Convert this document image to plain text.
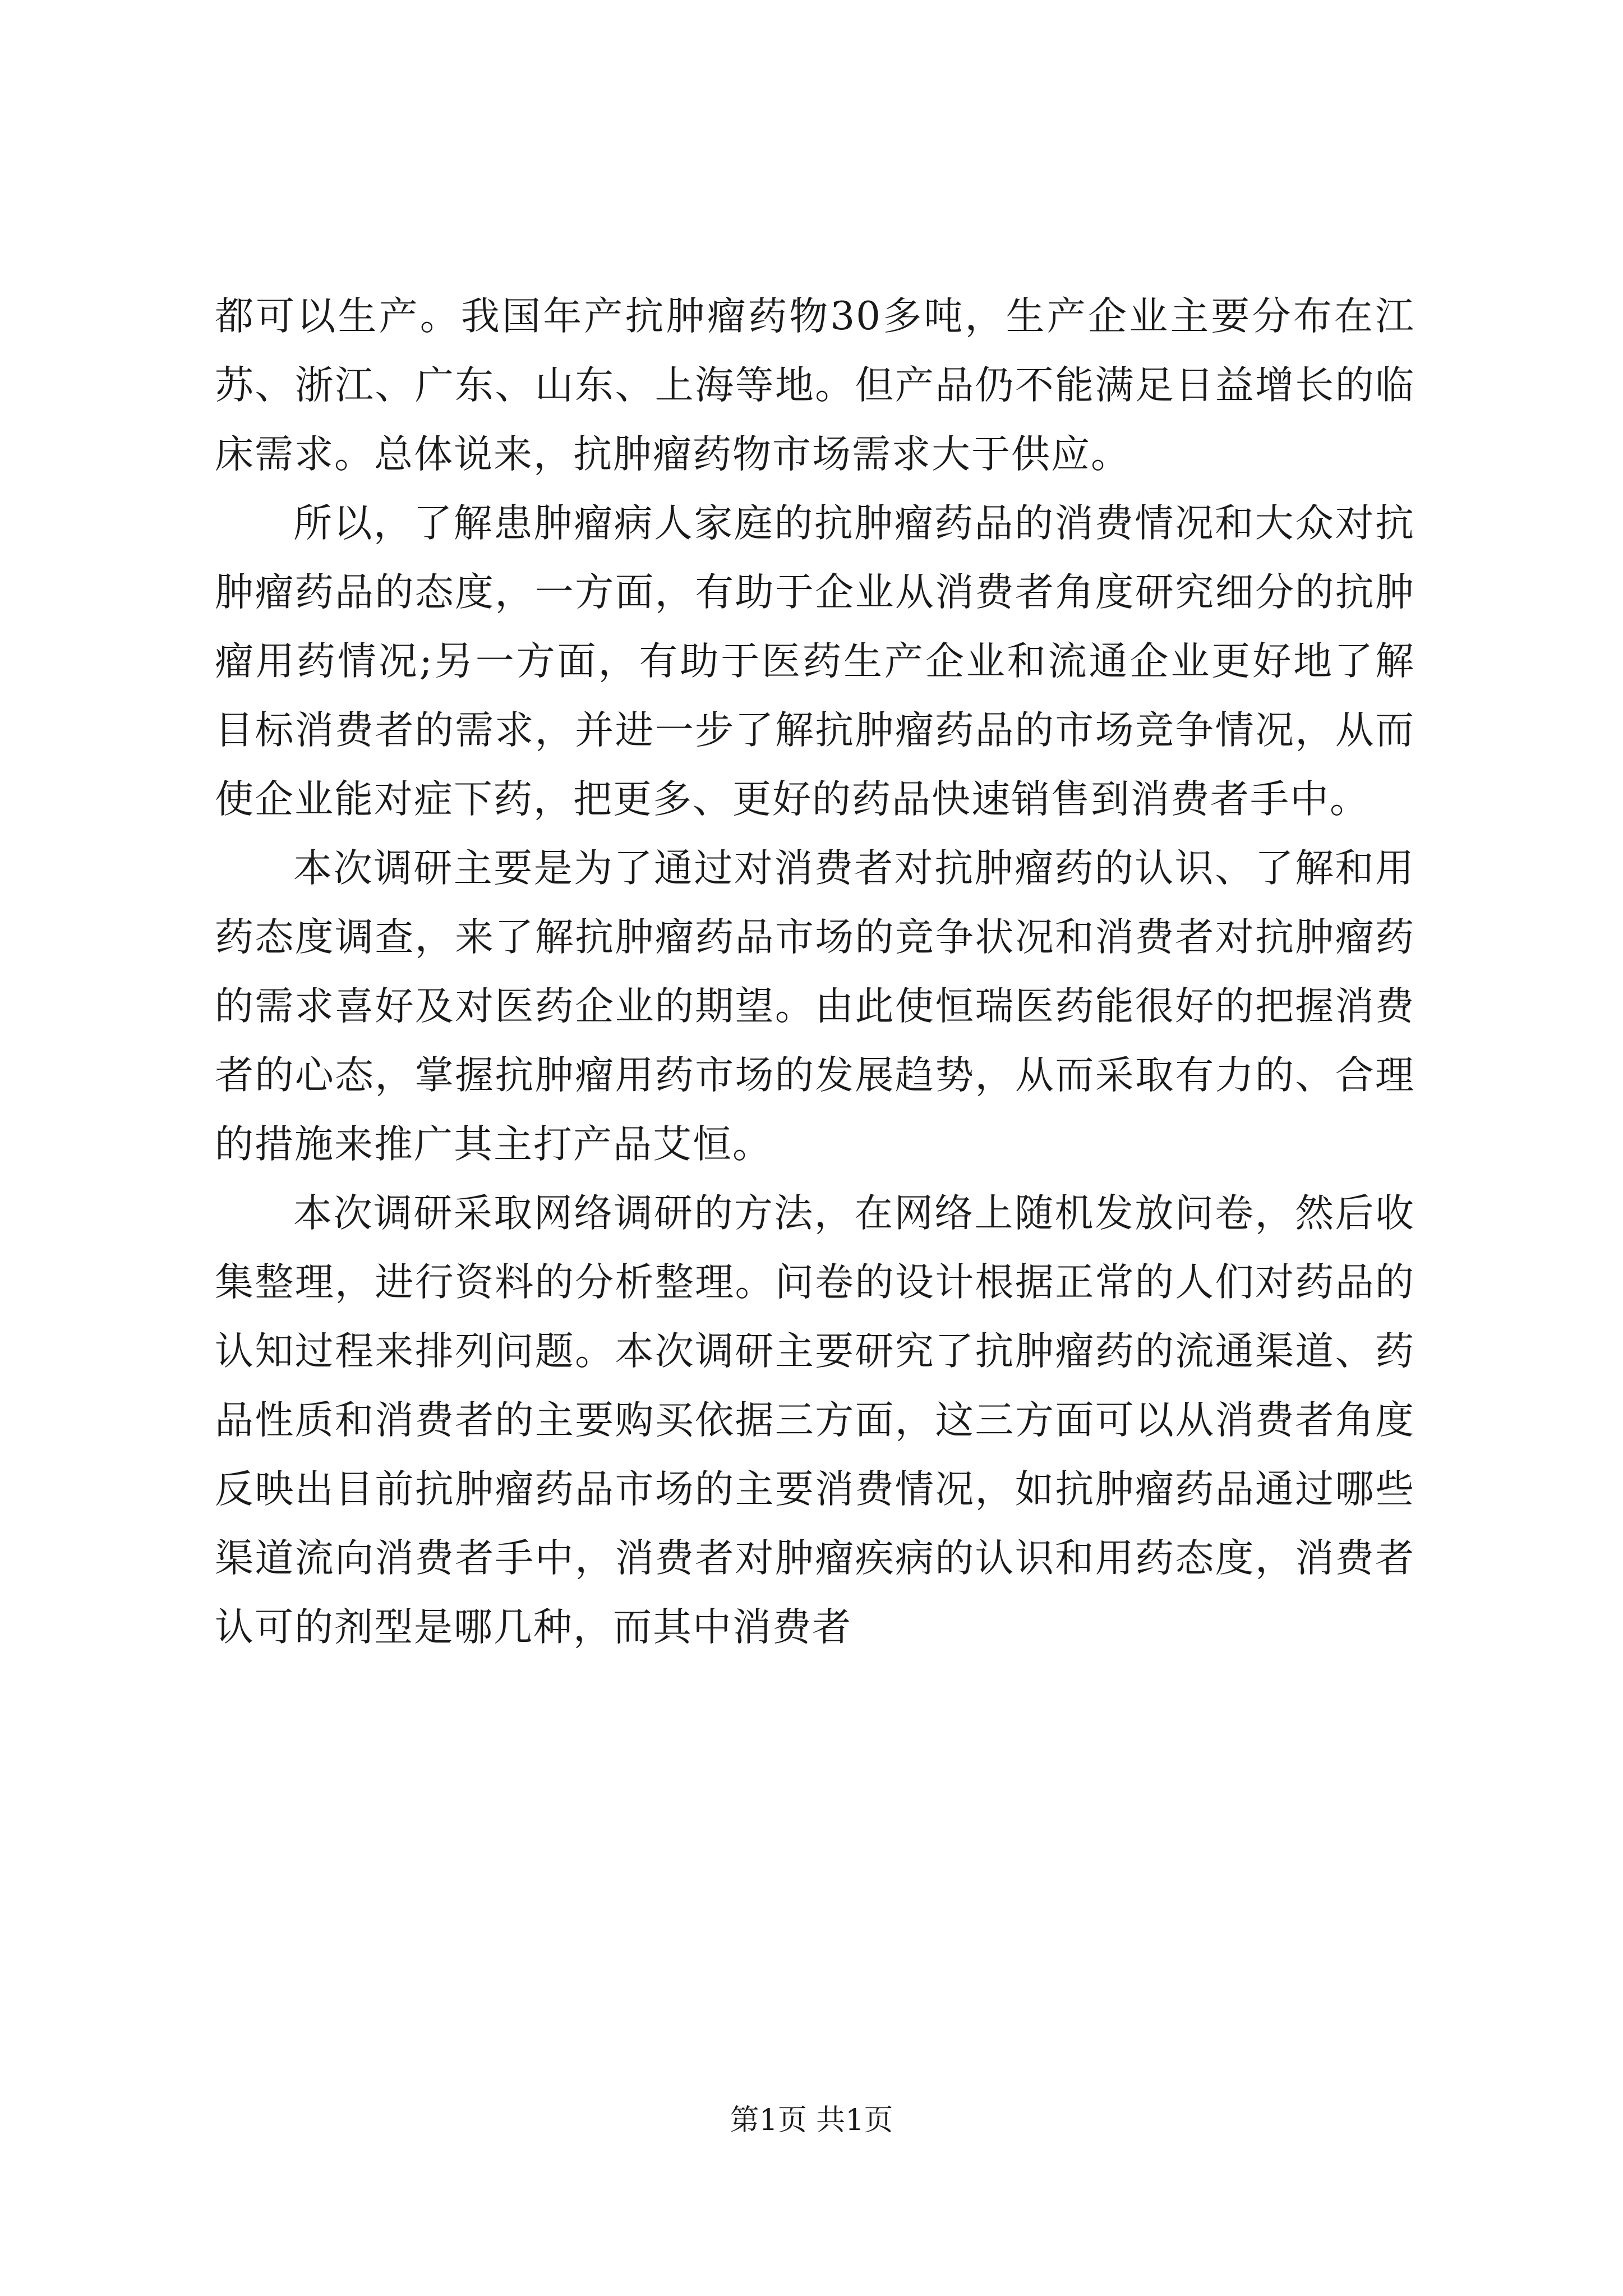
都可以生产。我国年产抗肿瘤药物30多吨，生产企业主要分布在江苏、浙江、广东、山东、上海等地。但产品仍不能满足日益增长的临床需求。总体说来，抗肿瘤药物市场需求大于供应。

所以，了解患肿瘤病人家庭的抗肿瘤药品的消费情况和大众对抗肿瘤药品的态度，一方面，有助于企业从消费者角度研究细分的抗肿瘤用药情况;另一方面，有助于医药生产企业和流通企业更好地了解目标消费者的需求，并进一步了解抗肿瘤药品的市场竞争情况，从而使企业能对症下药，把更多、更好的药品快速销售到消费者手中。

本次调研主要是为了通过对消费者对抗肿瘤药的认识、了解和用药态度调查，来了解抗肿瘤药品市场的竞争状况和消费者对抗肿瘤药的需求喜好及对医药企业的期望。由此使恒瑞医药能很好的把握消费者的心态，掌握抗肿瘤用药市场的发展趋势，从而采取有力的、合理的措施来推广其主打产品艾恒。

本次调研采取网络调研的方法，在网络上随机发放问卷，然后收集整理，进行资料的分析整理。问卷的设计根据正常的人们对药品的认知过程来排列问题。本次调研主要研究了抗肿瘤药的流通渠道、药品性质和消费者的主要购买依据三方面，这三方面可以从消费者角度反映出目前抗肿瘤药品市场的主要消费情况，如抗肿瘤药品通过哪些渠道流向消费者手中，消费者对肿瘤疾病的认识和用药态度，消费者认可的剂型是哪几种，而其中消费者

第1页 共1页
